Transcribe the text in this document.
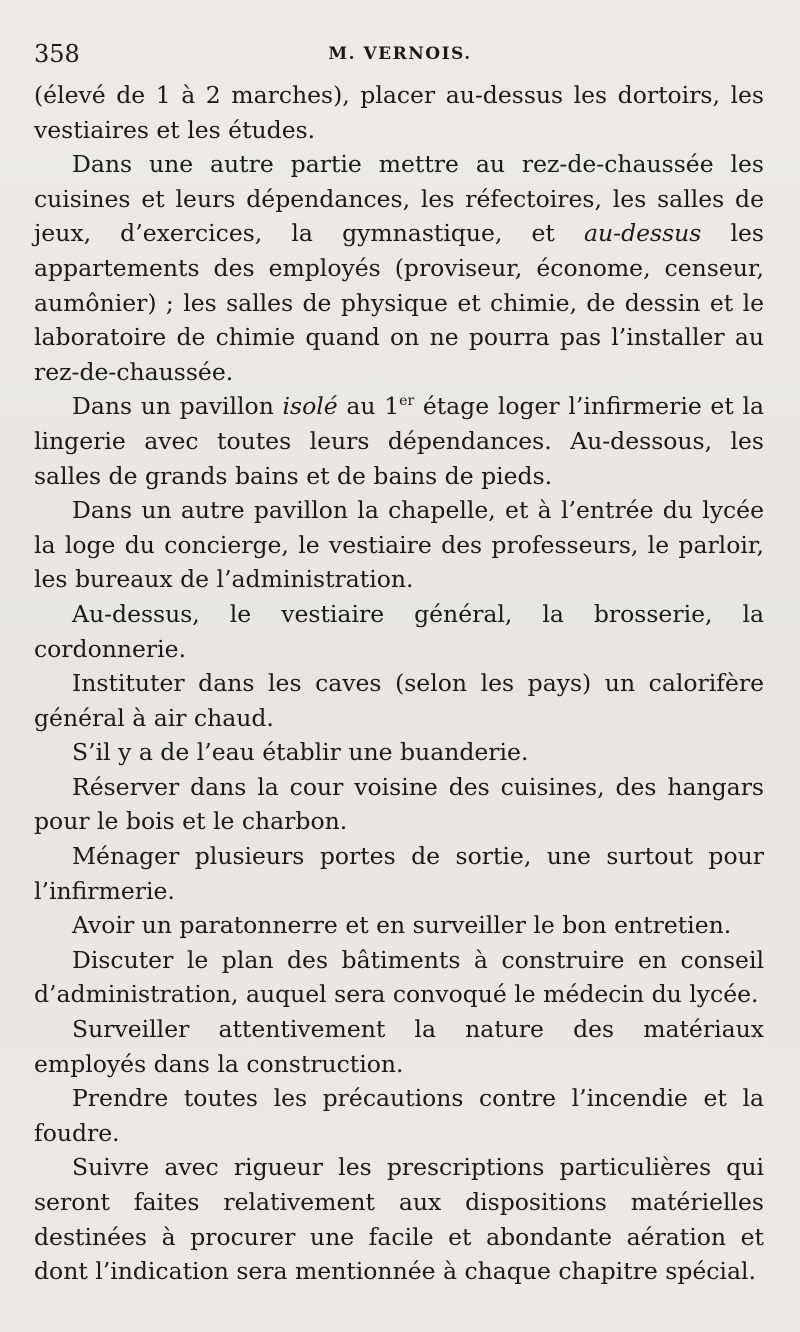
358	M. VERNOIS.

(élevé de 1 à 2 marches), placer au-dessus les dortoirs, les vestiaires et les études.

Dans une autre partie mettre au rez-de-chaussée les cuisines et leurs dépendances, les réfectoires, les salles de jeux, d’exercices, la gymnastique, et au-dessus les appartements des employés (proviseur, économe, censeur, aumônier) ; les salles de physique et chimie, de dessin et le laboratoire de chimie quand on ne pourra pas l’installer au rez-de-chaussée.

Dans un pavillon isolé au 1er étage loger l’infirmerie et la lingerie avec toutes leurs dépendances. Au-dessous, les salles de grands bains et de bains de pieds.

Dans un autre pavillon la chapelle, et à l’entrée du lycée la loge du concierge, le vestiaire des professeurs, le parloir, les bureaux de l’administration.

Au-dessus, le vestiaire général, la brosserie, la cordonnerie.

Instituter dans les caves (selon les pays) un calorifère général à air chaud.

S’il y a de l’eau établir une buanderie.

Réserver dans la cour voisine des cuisines, des hangars pour le bois et le charbon.

Ménager plusieurs portes de sortie, une surtout pour l’infirmerie.

Avoir un paratonnerre et en surveiller le bon entretien.

Discuter le plan des bâtiments à construire en conseil d’administration, auquel sera convoqué le médecin du lycée.

Surveiller attentivement la nature des matériaux employés dans la construction.

Prendre toutes les précautions contre l’incendie et la foudre.

Suivre avec rigueur les prescriptions particulières qui seront faites relativement aux dispositions matérielles destinées à procurer une facile et abondante aération et dont l’indication sera mentionnée à chaque chapitre spécial.
